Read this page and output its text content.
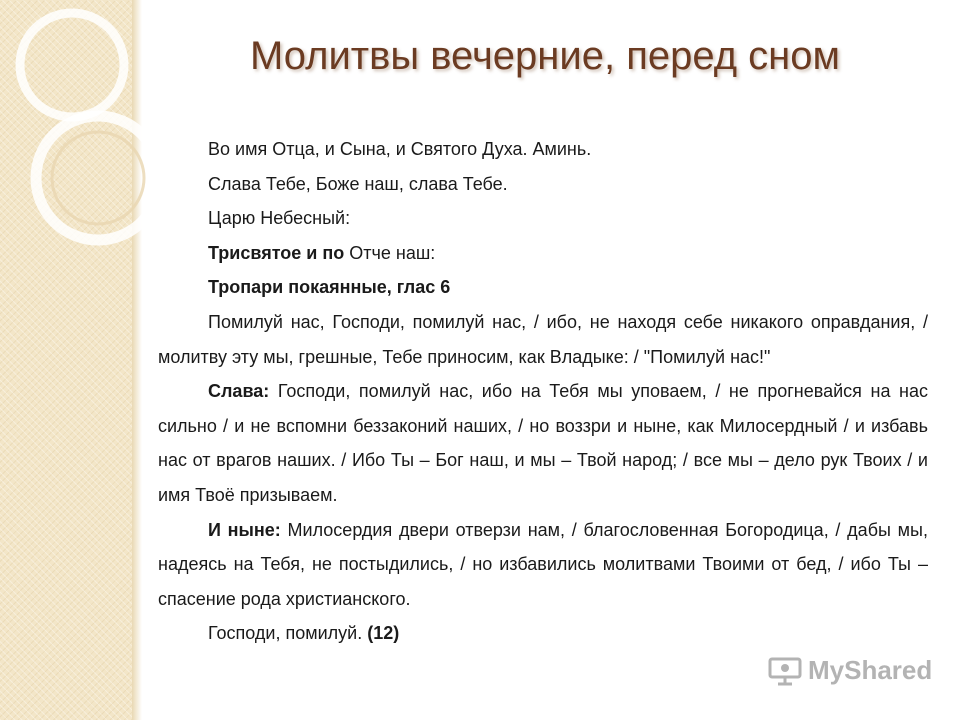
Молитвы вечерние, перед сном

Во имя Отца, и Сына, и Святого Духа. Аминь.

Слава Тебе, Боже наш, слава Тебе.

Царю Небесный:

Трисвятое и по Отче наш:

Тропари покаянные, глас 6

Помилуй нас, Господи, помилуй нас, / ибо, не находя себе никакого оправдания, / молитву эту мы, грешные, Тебе приносим, как Владыке: / "Помилуй нас!"

Слава: Господи, помилуй нас, ибо на Тебя мы уповаем, / не прогневайся на нас сильно / и не вспомни беззаконий наших, / но воззри и ныне, как Милосердный / и избавь нас от врагов наших. / Ибо Ты – Бог наш, и мы – Твой народ; / все мы – дело рук Твоих / и имя Твоё призываем.

И ныне: Милосердия двери отверзи нам, / благословенная Богородица, / дабы мы, надеясь на Тебя, не постыдились, / но избавились молитвами Твоими от бед, / ибо Ты – спасение рода христианского.

Господи, помилуй. (12)

MyShared
